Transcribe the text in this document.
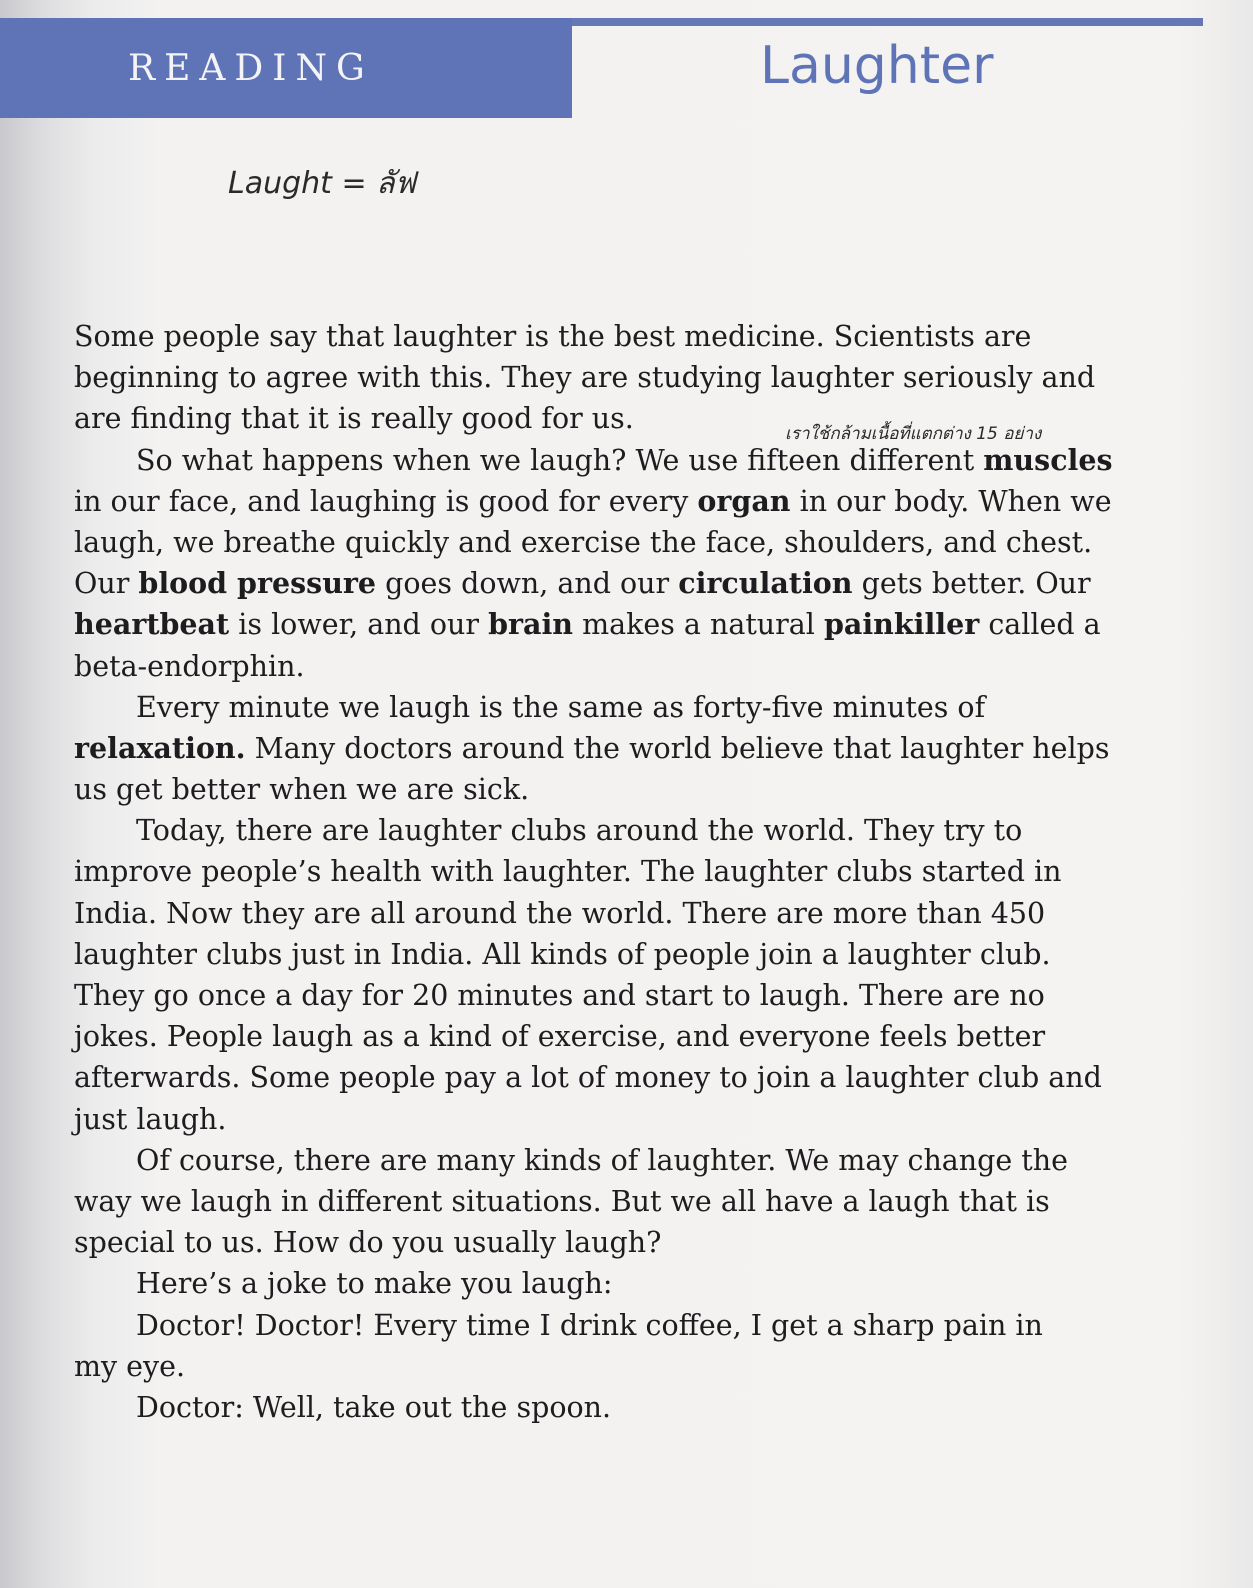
READING	Laughter
Laught = ลัฟ
เราใช้กล้ามเนื้อที่แตกต่าง 15 อย่าง
Some people say that laughter is the best medicine. Scientists are
beginning to agree with this. They are studying laughter seriously and
are finding that it is really good for us.
So what happens when we laugh? We use fifteen different muscles
in our face, and laughing is good for every organ in our body. When we
laugh, we breathe quickly and exercise the face, shoulders, and chest.
Our blood pressure goes down, and our circulation gets better. Our
heartbeat is lower, and our brain makes a natural painkiller called a
beta-endorphin.
Every minute we laugh is the same as forty-five minutes of
relaxation. Many doctors around the world believe that laughter helps
us get better when we are sick.
Today, there are laughter clubs around the world. They try to
improve people’s health with laughter. The laughter clubs started in
India. Now they are all around the world. There are more than 450
laughter clubs just in India. All kinds of people join a laughter club.
They go once a day for 20 minutes and start to laugh. There are no
jokes. People laugh as a kind of exercise, and everyone feels better
afterwards. Some people pay a lot of money to join a laughter club and
just laugh.
Of course, there are many kinds of laughter. We may change the
way we laugh in different situations. But we all have a laugh that is
special to us. How do you usually laugh?
Here’s a joke to make you laugh:
Doctor! Doctor! Every time I drink coffee, I get a sharp pain in
my eye.
Doctor: Well, take out the spoon.
